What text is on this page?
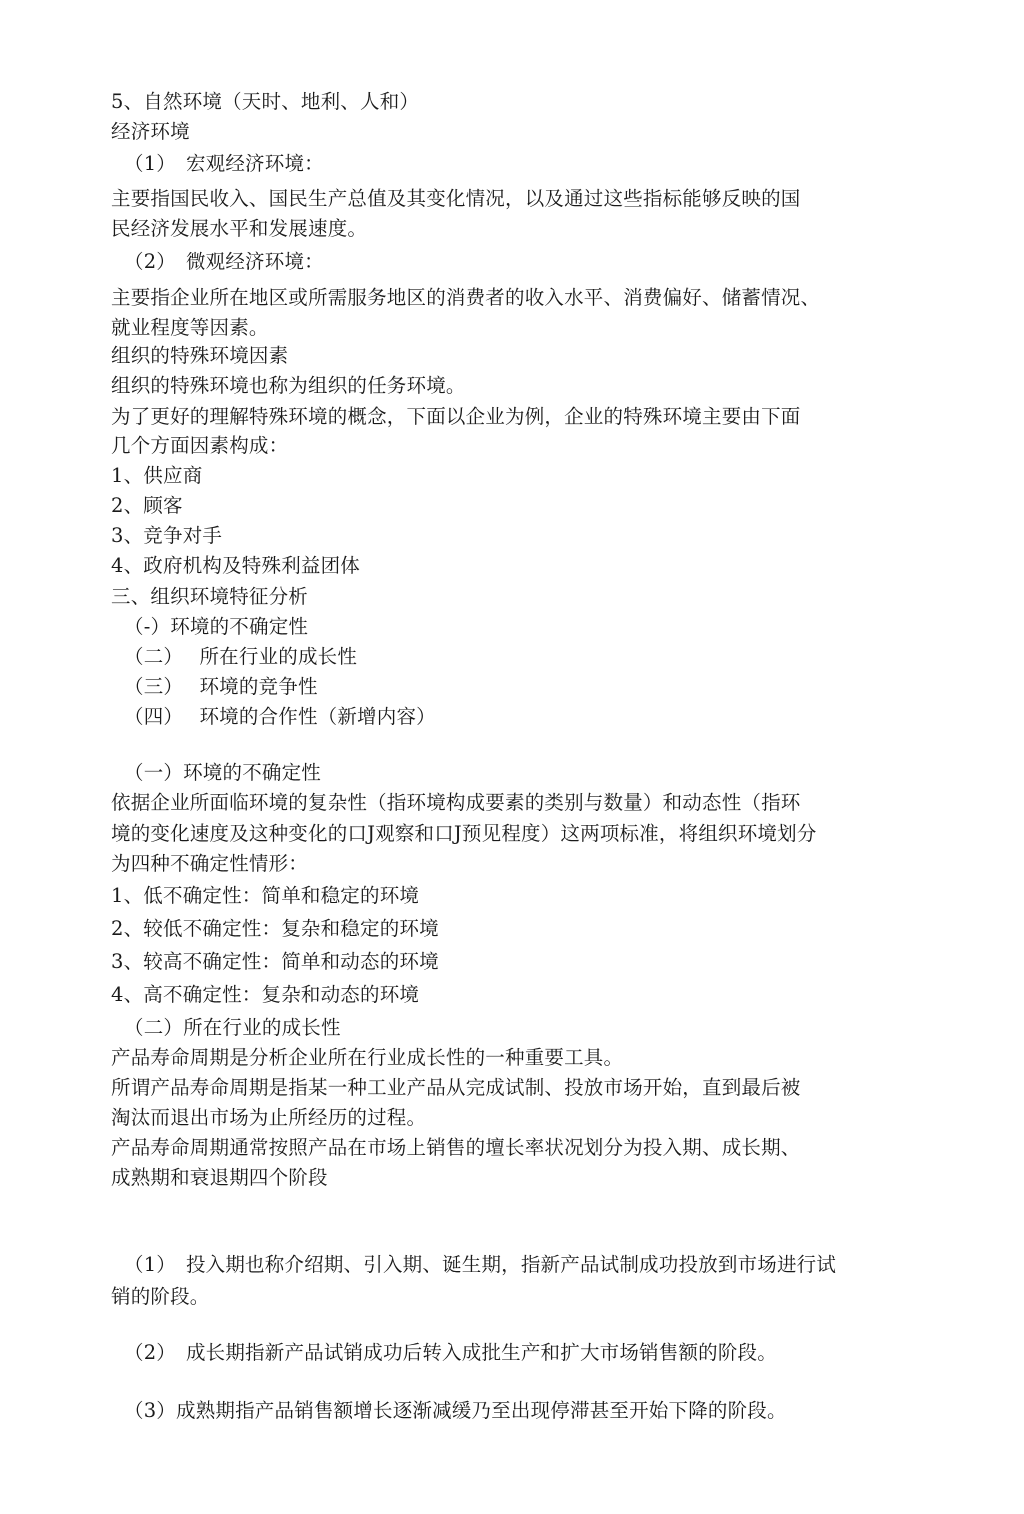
5、自然环境（天时、地利、人和）
经济环境
（1）　宏观经济环境：
主要指国民收入、国民生产总值及其变化情况，以及通过这些指标能够反映的国
民经济发展水平和发展速度。
（2）　微观经济环境：
主要指企业所在地区或所需服务地区的消费者的收入水平、消费偏好、储蓄情况、
就业程度等因素。
组织的特殊环境因素
组织的特殊环境也称为组织的任务环境。
为了更好的理解特殊环境的概念，下面以企业为例，企业的特殊环境主要由下面
几个方面因素构成：
1、供应商
2、顾客
3、竞争对手
4、政府机构及特殊利益团体
三、组织环境特征分析
（-）环境的不确定性
（二）　 所在行业的成长性
（三）　 环境的竞争性
（四）　 环境的合作性（新增内容）
（一）环境的不确定性
依据企业所面临环境的复杂性（指环境构成要素的类别与数量）和动态性（指环
境的变化速度及这种变化的口J观察和口J预见程度）这两项标准，将组织环境划分
为四种不确定性情形：
1、低不确定性：简单和稳定的环境
2、较低不确定性：复杂和稳定的环境
3、较高不确定性：简单和动态的环境
4、高不确定性：复杂和动态的环境
（二）所在行业的成长性
产品寿命周期是分析企业所在行业成长性的一种重要工具。
所谓产品寿命周期是指某一种工业产品从完成试制、投放市场开始，直到最后被
淘汰而退出市场为止所经历的过程。
产品寿命周期通常按照产品在市场上销售的壇长率状况划分为投入期、成长期、
成熟期和衰退期四个阶段
（1）　投入期也称介绍期、引入期、诞生期，指新产品试制成功投放到市场进行试
销的阶段。
（2）　成长期指新产品试销成功后转入成批生产和扩大市场销售额的阶段。
（3）成熟期指产品销售额增长逐渐减缓乃至出现停滞甚至开始下降的阶段。
